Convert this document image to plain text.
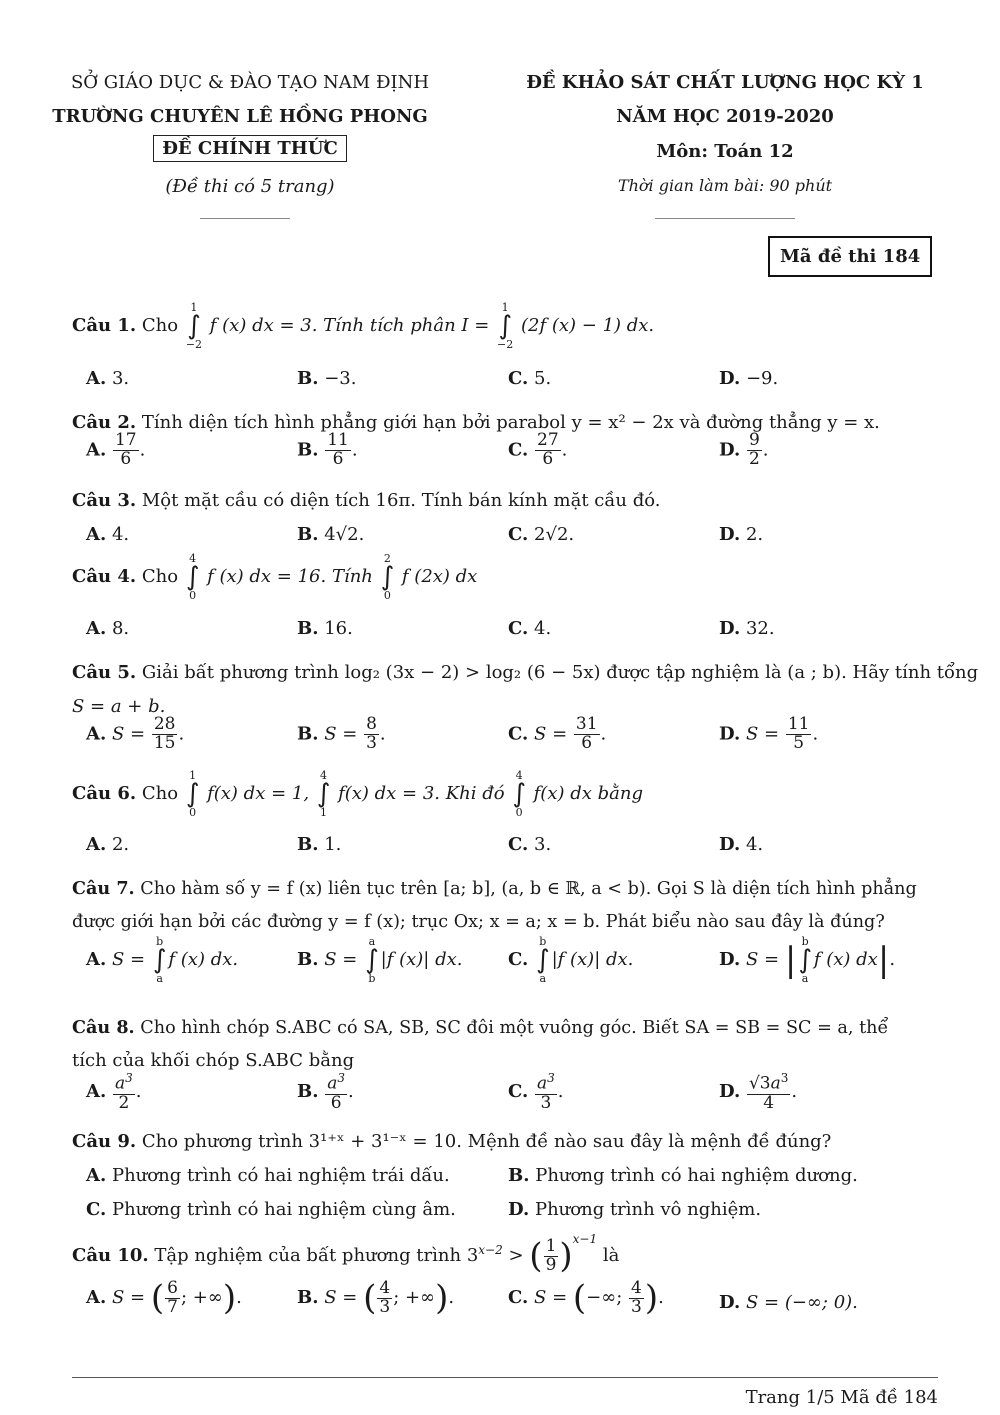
SỞ GIÁO DỤC & ĐÀO TẠO NAM ĐỊNH
TRƯỜNG CHUYÊN LÊ HỒNG PHONG
ĐỀ CHÍNH THỨC
(Đề thi có 5 trang)
ĐỀ KHẢO SÁT CHẤT LƯỢNG HỌC KỲ 1
NĂM HỌC 2019-2020
Môn: Toán 12
Thời gian làm bài: 90 phút
Mã đề thi 184
Câu 1. Cho
1
∫
−2
f (x) dx = 3. Tính tích phân I =
1
∫
−2
(2f (x) − 1) dx.
A. 3.	B. −3.	C. 5.	D. −9.
Câu 2. Tính diện tích hình phẳng giới hạn bởi parabol y = x² − 2x và đường thẳng y = x.
A. $\frac{17}{6}$ .	B. $\frac{11}{6}$ .	C. $\frac{27}{6}$ .	D. $\frac{9}{2}$ .
Câu 3. Một mặt cầu có diện tích 16π. Tính bán kính mặt cầu đó.
A. 4.	B. 4√2.	C. 2√2.	D. 2.
Câu 4. Cho
4
∫
0
f (x) dx = 16. Tính
2
∫
0
f (2x) dx
A. 8.	B. 16.	C. 4.	D. 32.
Câu 5. Giải bất phương trình log₂ (3x − 2) > log₂ (6 − 5x) được tập nghiệm là (a ; b). Hãy tính tổng
S = a + b.
A. $S = \frac{28}{15}$ .	B. $S = \frac{8}{3}$ .	C. $S = \frac{31}{6}$ .	D. $S = \frac{11}{5}$ .
Câu 6. Cho
1
∫
0
f(x) dx = 1,
4
∫
1
f(x) dx = 3. Khi đó
4
∫
0
f(x) dx bằng
A. 2.	B. 1.	C. 3.	D. 4.
Câu 7. Cho hàm số y = f (x) liên tục trên [a; b], (a, b ∈ ℝ, a < b). Gọi S là diện tích hình phẳng
được giới hạn bởi các đường y = f (x); trục Ox; x = a; x = b. Phát biểu nào sau đây là đúng?
A. S =
b
∫
a
f (x) dx.	B. S =
a
∫
b
|f (x)| dx.	C.
b
∫
a
|f (x)| dx.	D. S = | b
∫
a
f (x) dx|.
Câu 8. Cho hình chóp S.ABC có SA, SB, SC đôi một vuông góc. Biết SA = SB = SC = a, thể
tích của khối chóp S.ABC bằng
A. $\frac{a^3}{2}$ .	B. $\frac{a^3}{6}$ .	C. $\frac{a^3}{3}$ .	D. $\frac{√3a^3}{4}$ .
Câu 9. Cho phương trình 3¹⁺ˣ + 3¹⁻ˣ = 10. Mệnh đề nào sau đây là mệnh đề đúng?
A. Phương trình có hai nghiệm trái dấu.	B. Phương trình có hai nghiệm dương.
C. Phương trình có hai nghiệm cùng âm.	D. Phương trình vô nghiệm.
Câu 10. Tập nghiệm của bất phương trình $3^{x-2}$ > ( $\frac{1}{9} )^{x-1}$ là
A. S = ( $\frac{6}{7}$ ; +∞).	B. S = ( $\frac{4}{3}$ ; +∞).	C. S = (−∞; $\frac{4}{3}$ ).	D. S = (−∞; 0).
Trang 1/5 Mã đề 184
